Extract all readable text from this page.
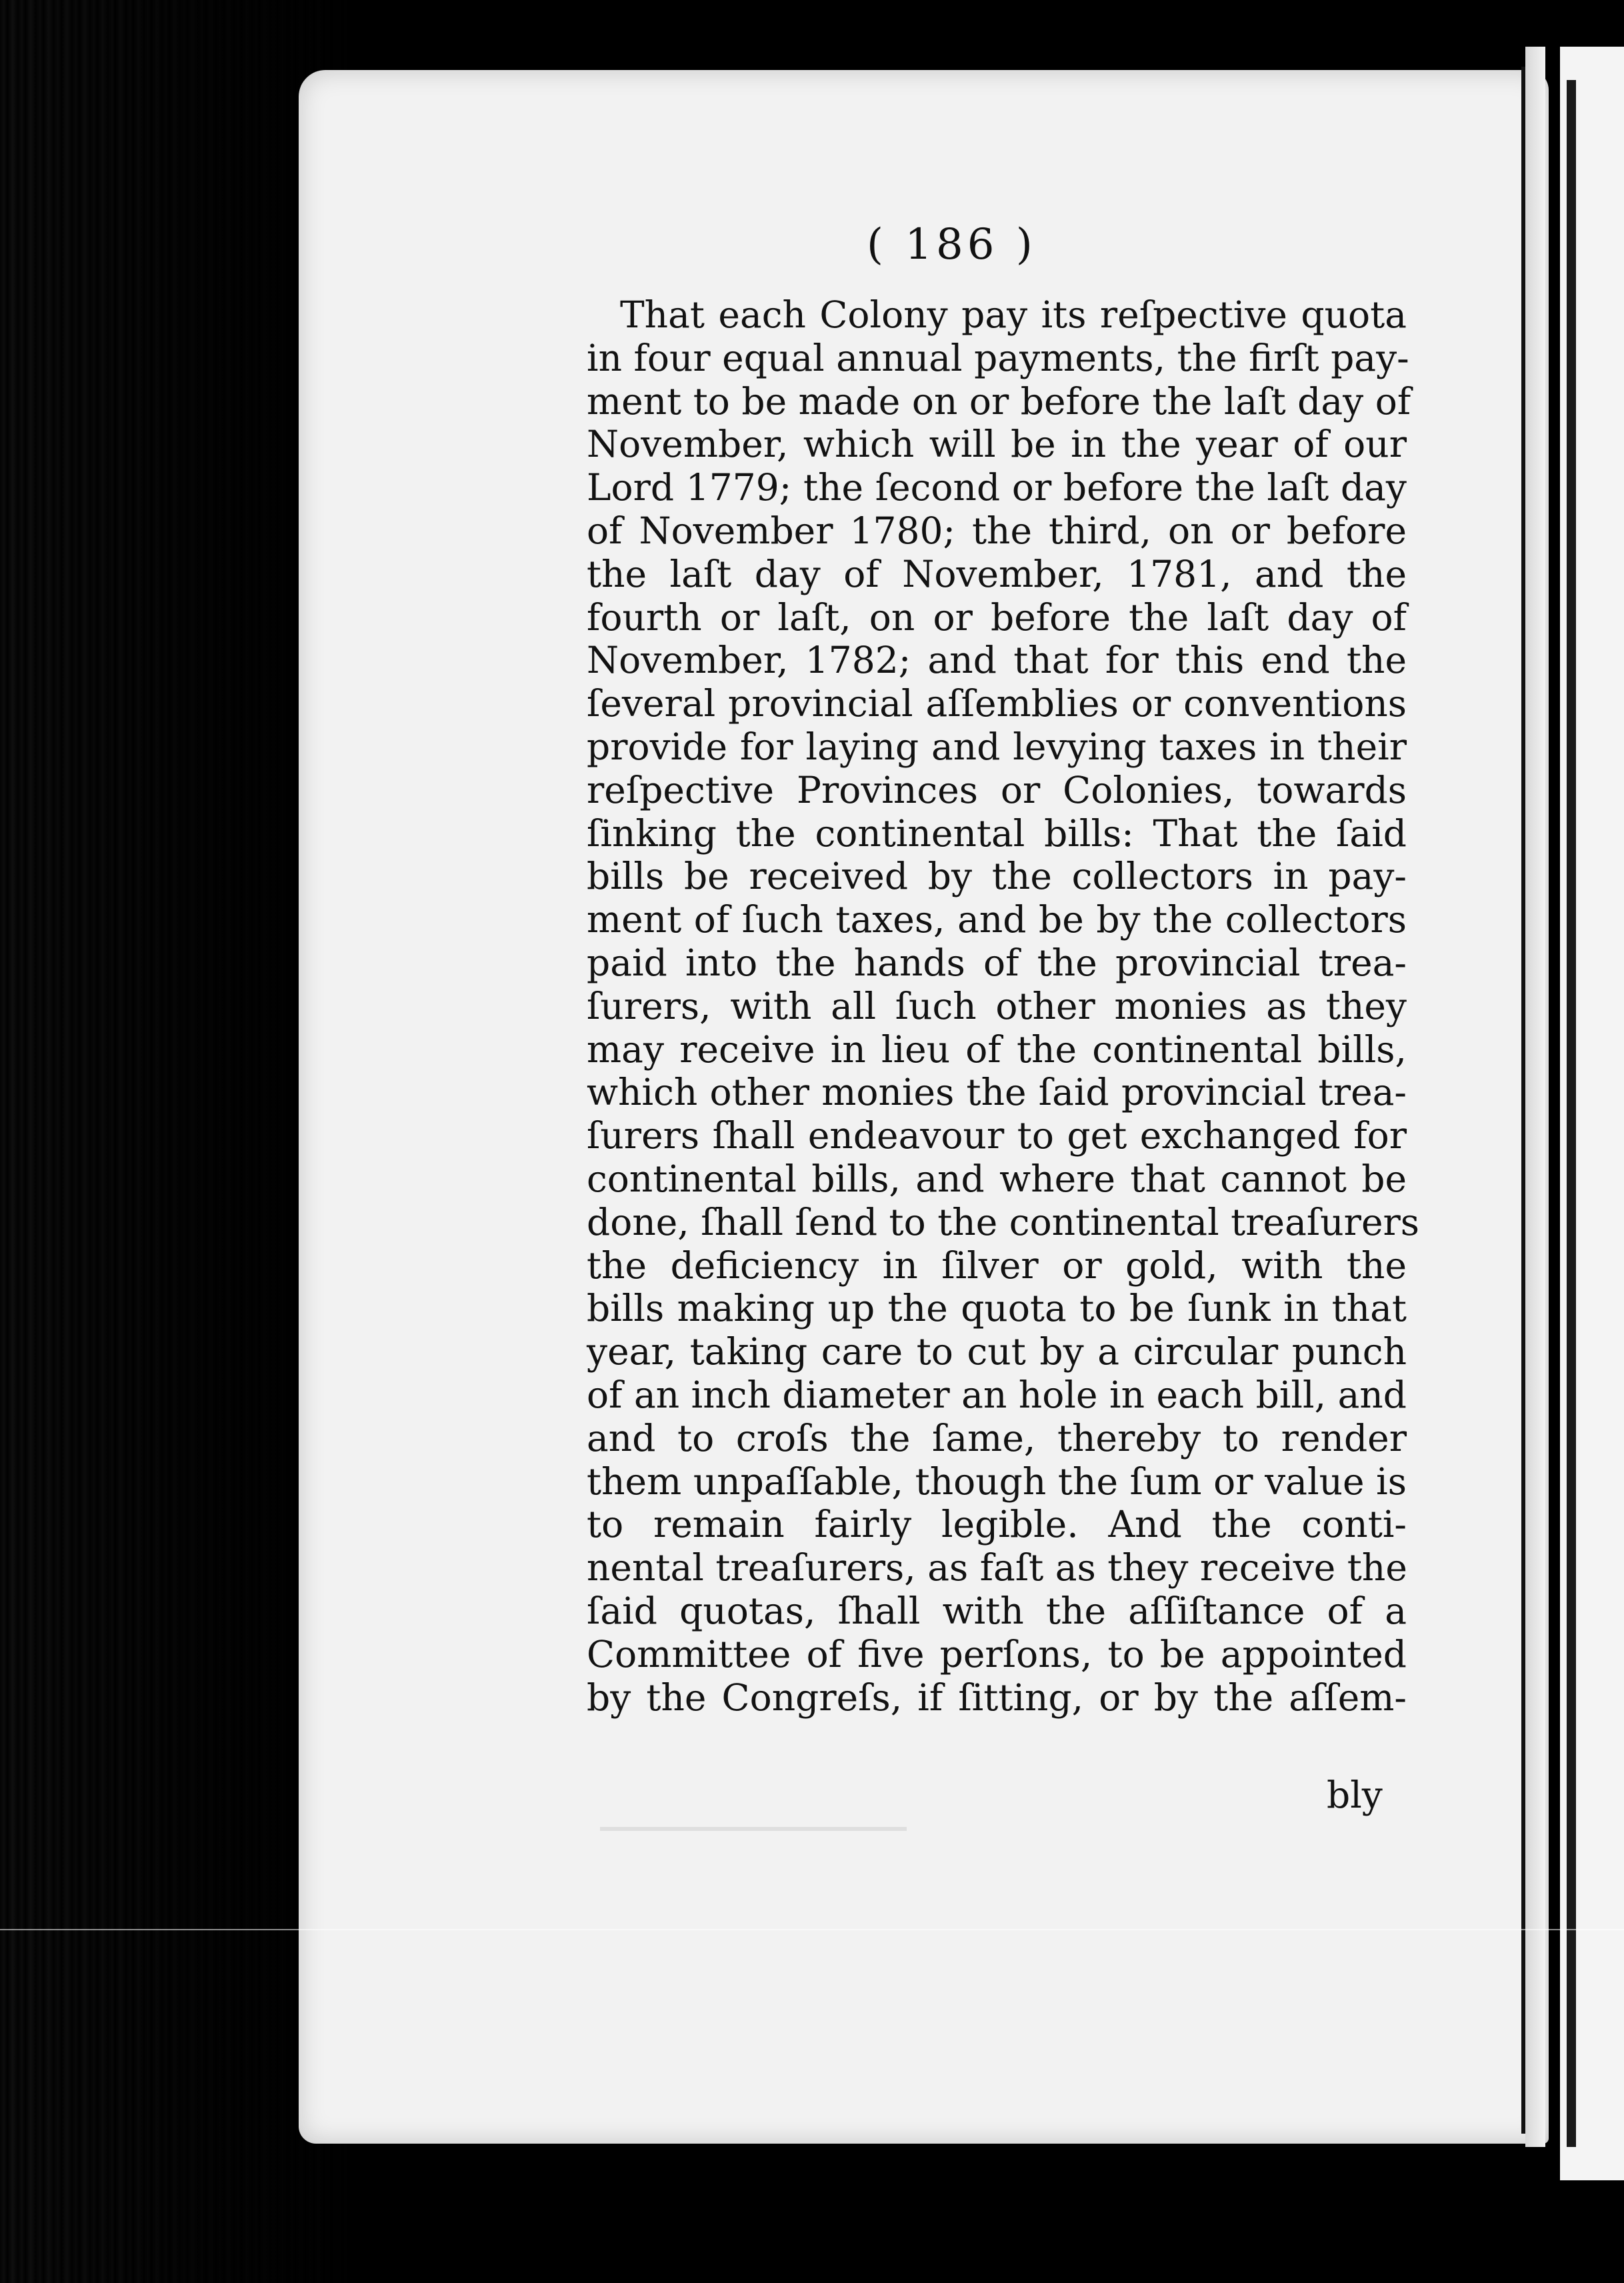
( 186 )
That each Colony pay its reſpective quota
in four equal annual payments, the firſt pay-
ment to be made on or before the laſt day of
November, which will be in the year of our
Lord 1779; the ſecond or before the laſt day
of November 1780; the third, on or before
the laſt day of November, 1781, and the
fourth or laſt, on or before the laſt day of
November, 1782; and that for this end the
ſeveral provincial aſſemblies or conventions
provide for laying and levying taxes in their
reſpective Provinces or Colonies, towards
ſinking the continental bills: That the ſaid
bills be received by the collectors in pay-
ment of ſuch taxes, and be by the collectors
paid into the hands of the provincial trea-
ſurers, with all ſuch other monies as they
may receive in lieu of the continental bills,
which other monies the ſaid provincial trea-
ſurers ſhall endeavour to get exchanged for
continental bills, and where that cannot be
done, ſhall ſend to the continental treaſurers
the deficiency in ſilver or gold, with the
bills making up the quota to be ſunk in that
year, taking care to cut by a circular punch
of an inch diameter an hole in each bill, and
and to croſs the ſame, thereby to render
them unpaſſable, though the ſum or value is
to remain fairly legible. And the conti-
nental treaſurers, as faſt as they receive the
ſaid quotas, ſhall with the aſſiſtance of a
Committee of five perſons, to be appointed
by the Congreſs, if ſitting, or by the aſſem-
bly
